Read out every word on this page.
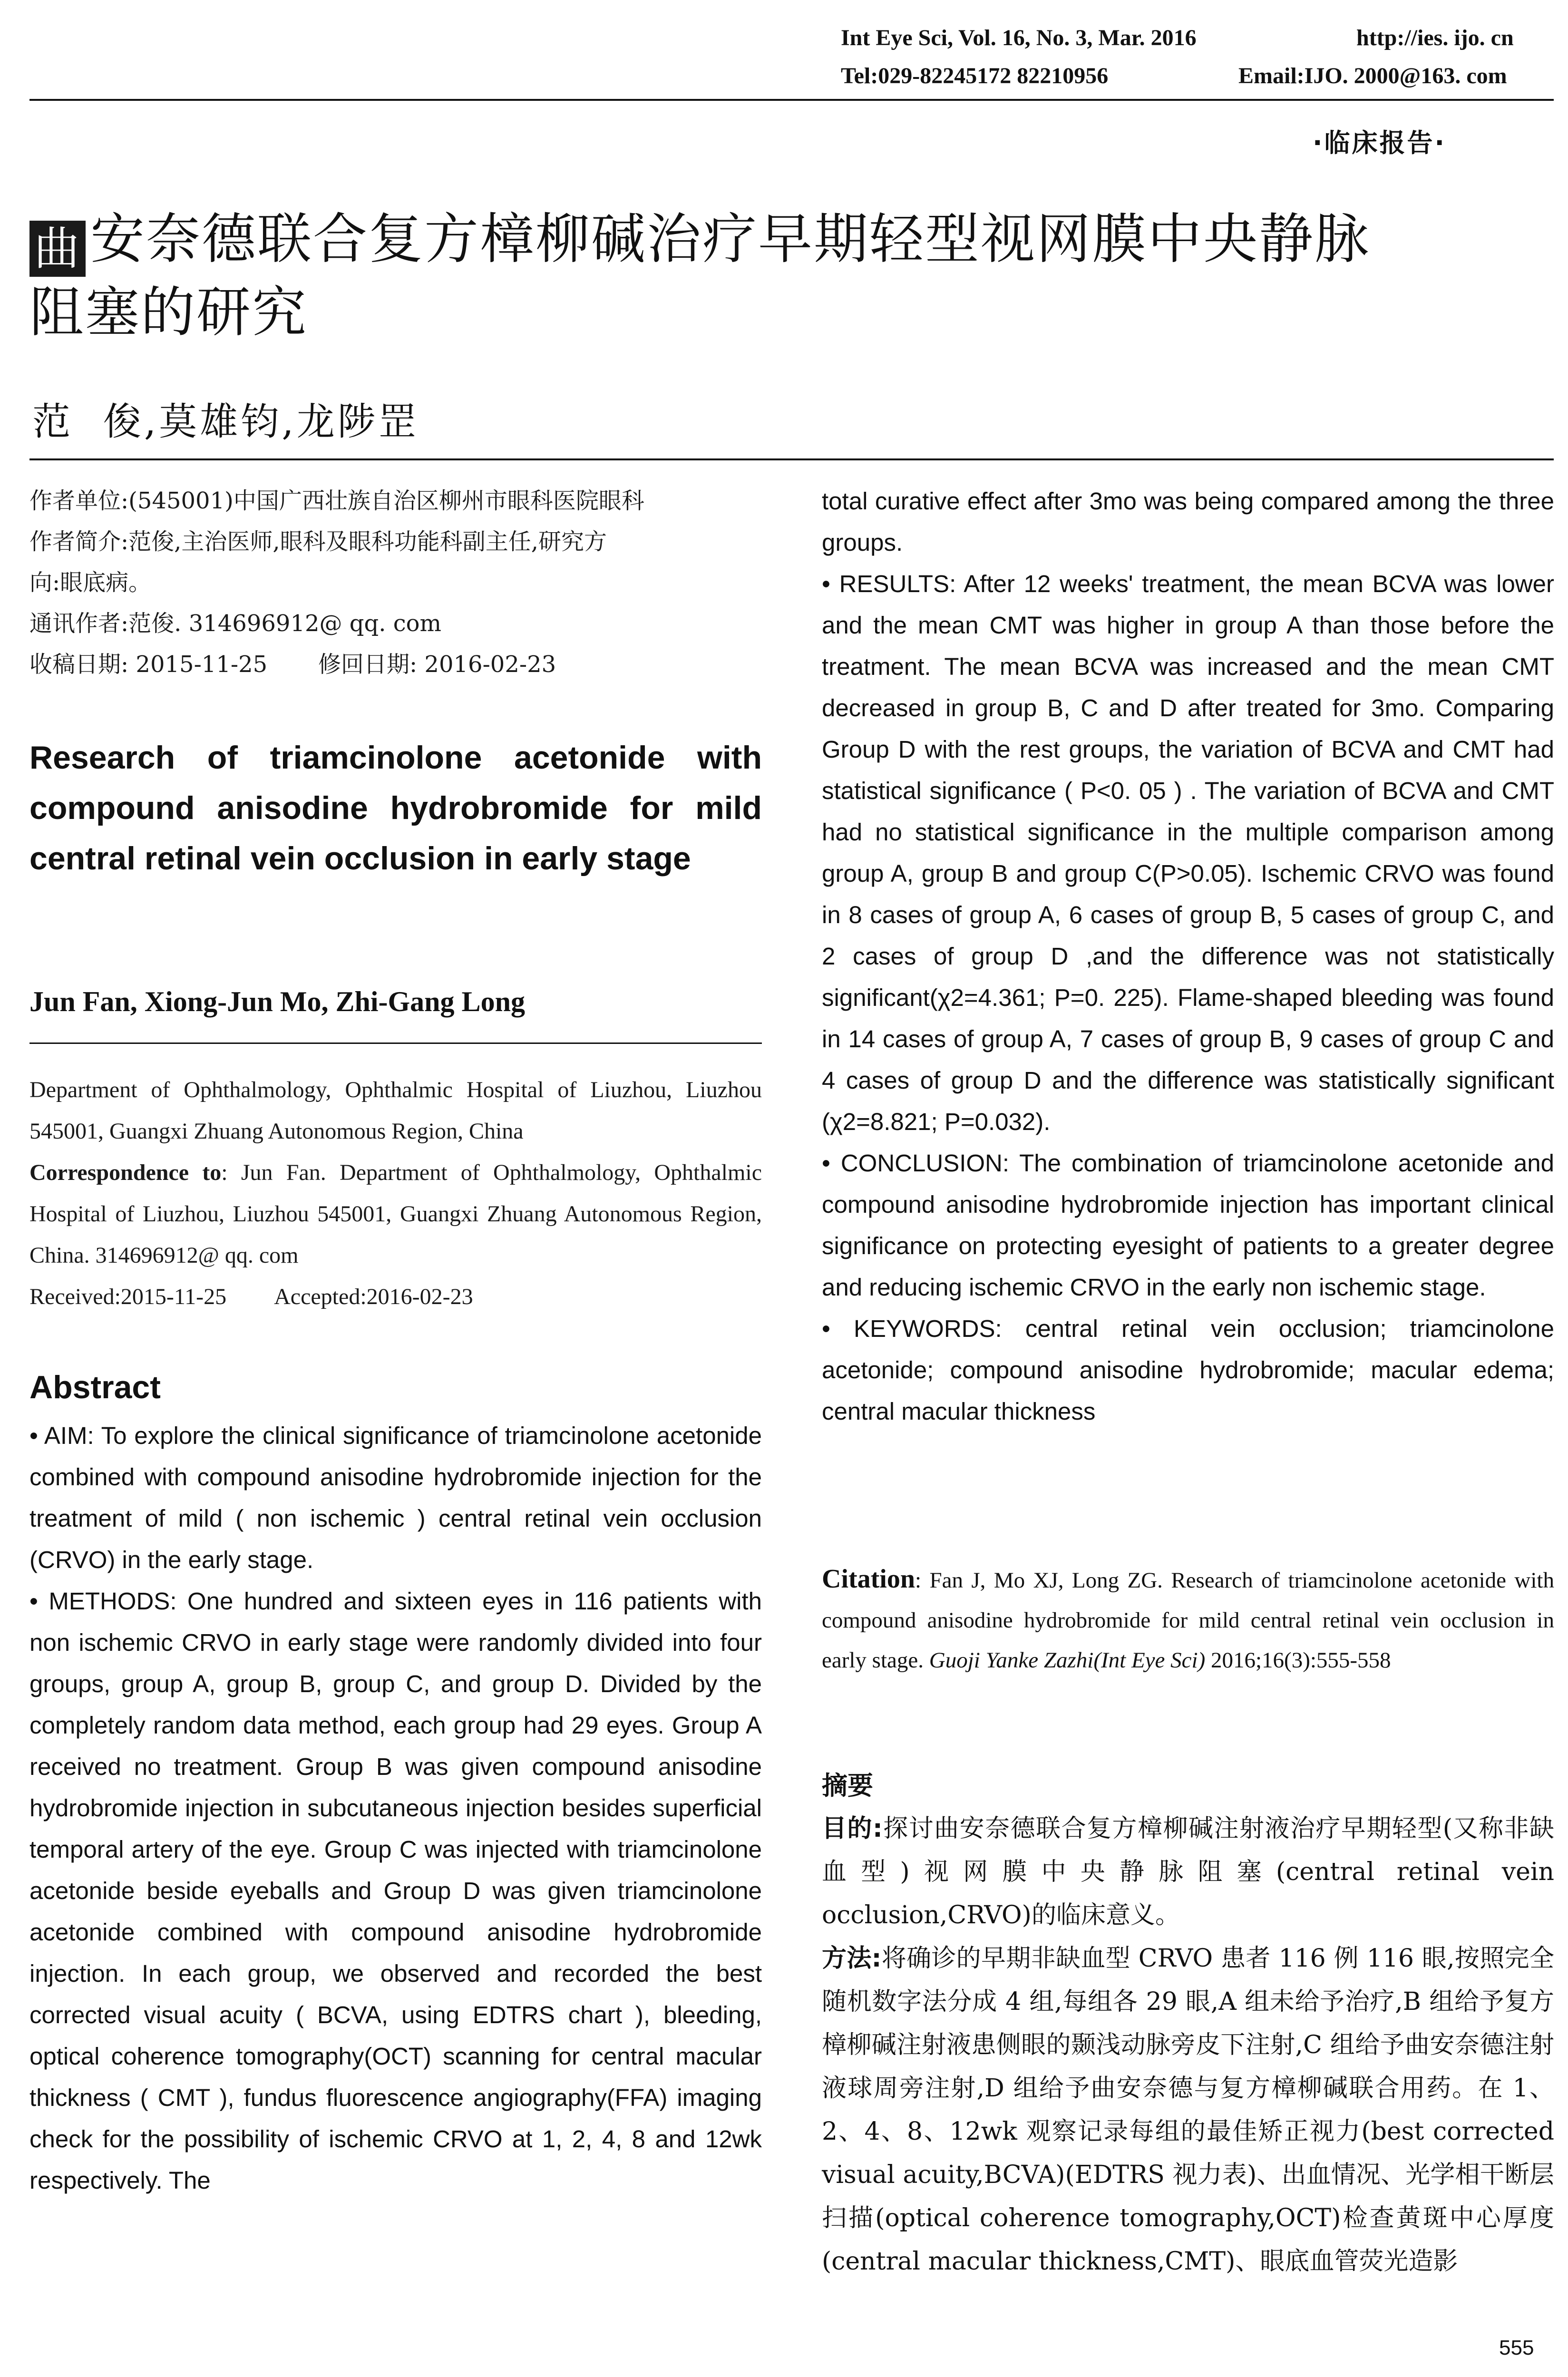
Int Eye Sci, Vol. 16, No. 3, Mar. 2016	http://ies. ijo. cn
Tel:029-82245172 82210956	Email:IJO. 2000@163. com
·临床报告·
曲 安奈德联合复方樟柳碱治疗早期轻型视网膜中央静脉
阻塞的研究
范  俊,莫雄钧,龙陟罡
作者单位:(545001)中国广西壮族自治区柳州市眼科医院眼科
作者简介:范俊,主治医师,眼科及眼科功能科副主任,研究方
向:眼底病。
通讯作者:范俊. 314696912@ qq. com
收稿日期: 2015-11-25       修回日期: 2016-02-23
Research of triamcinolone acetonide with compound anisodine hydrobromide for mild central retinal vein occlusion in early stage
Jun Fan, Xiong-Jun Mo, Zhi-Gang Long

Department of Ophthalmology, Ophthalmic Hospital of Liuzhou, Liuzhou 545001, Guangxi Zhuang Autonomous Region, China

Correspondence to: Jun Fan. Department of Ophthalmology, Ophthalmic Hospital of Liuzhou, Liuzhou 545001, Guangxi Zhuang Autonomous Region, China. 314696912@ qq. com

Received:2015-11-25 Accepted:2016-02-23

Abstract

• AIM: To explore the clinical significance of triamcinolone acetonide combined with compound anisodine hydrobromide injection for the treatment of mild ( non ischemic ) central retinal vein occlusion (CRVO) in the early stage.

• METHODS: One hundred and sixteen eyes in 116 patients with non ischemic CRVO in early stage were randomly divided into four groups, group A, group B, group C, and group D. Divided by the completely random data method, each group had 29 eyes. Group A received no treatment. Group B was given compound anisodine hydrobromide injection in subcutaneous injection besides superficial temporal artery of the eye. Group C was injected with triamcinolone acetonide beside eyeballs and Group D was given triamcinolone acetonide combined with compound anisodine hydrobromide injection. In each group, we observed and recorded the best corrected visual acuity ( BCVA, using EDTRS chart ), bleeding, optical coherence tomography(OCT) scanning for central macular thickness ( CMT ), fundus fluorescence angiography(FFA) imaging check for the possibility of ischemic CRVO at 1, 2, 4, 8 and 12wk respectively. The

total curative effect after 3mo was being compared among the three groups.

• RESULTS: After 12 weeks' treatment, the mean BCVA was lower and the mean CMT was higher in group A than those before the treatment. The mean BCVA was increased and the mean CMT decreased in group B, C and D after treated for 3mo. Comparing Group D with the rest groups, the variation of BCVA and CMT had statistical significance ( P<0. 05 ) . The variation of BCVA and CMT had no statistical significance in the multiple comparison among group A, group B and group C(P>0.05). Ischemic CRVO was found in 8 cases of group A, 6 cases of group B, 5 cases of group C, and 2 cases of group D ,and the difference was not statistically significant(χ2=4.361; P=0. 225). Flame-shaped bleeding was found in 14 cases of group A, 7 cases of group B, 9 cases of group C and 4 cases of group D and the difference was statistically significant (χ2=8.821; P=0.032).

• CONCLUSION: The combination of triamcinolone acetonide and compound anisodine hydrobromide injection has important clinical significance on protecting eyesight of patients to a greater degree and reducing ischemic CRVO in the early non ischemic stage.

• KEYWORDS: central retinal vein occlusion; triamcinolone acetonide; compound anisodine hydrobromide; macular edema; central macular thickness

Citation: Fan J, Mo XJ, Long ZG. Research of triamcinolone acetonide with compound anisodine hydrobromide for mild central retinal vein occlusion in early stage. Guoji Yanke Zazhi(Int Eye Sci) 2016;16(3):555-558
摘要

目的:探讨曲安奈德联合复方樟柳碱注射液治疗早期轻型(又称非缺血型)视网膜中央静脉阻塞(central retinal vein occlusion,CRVO)的临床意义。

方法:将确诊的早期非缺血型 CRVO 患者 116 例 116 眼,按照完全随机数字法分成 4 组,每组各 29 眼,A 组未给予治疗,B 组给予复方樟柳碱注射液患侧眼的颞浅动脉旁皮下注射,C 组给予曲安奈德注射液球周旁注射,D 组给予曲安奈德与复方樟柳碱联合用药。在 1、2、4、8、12wk 观察记录每组的最佳矫正视力(best corrected visual acuity,BCVA)(EDTRS 视力表)、出血情况、光学相干断层扫描(optical coherence tomography,OCT)检查黄斑中心厚度(central macular thickness,CMT)、眼底血管荧光造影

555
